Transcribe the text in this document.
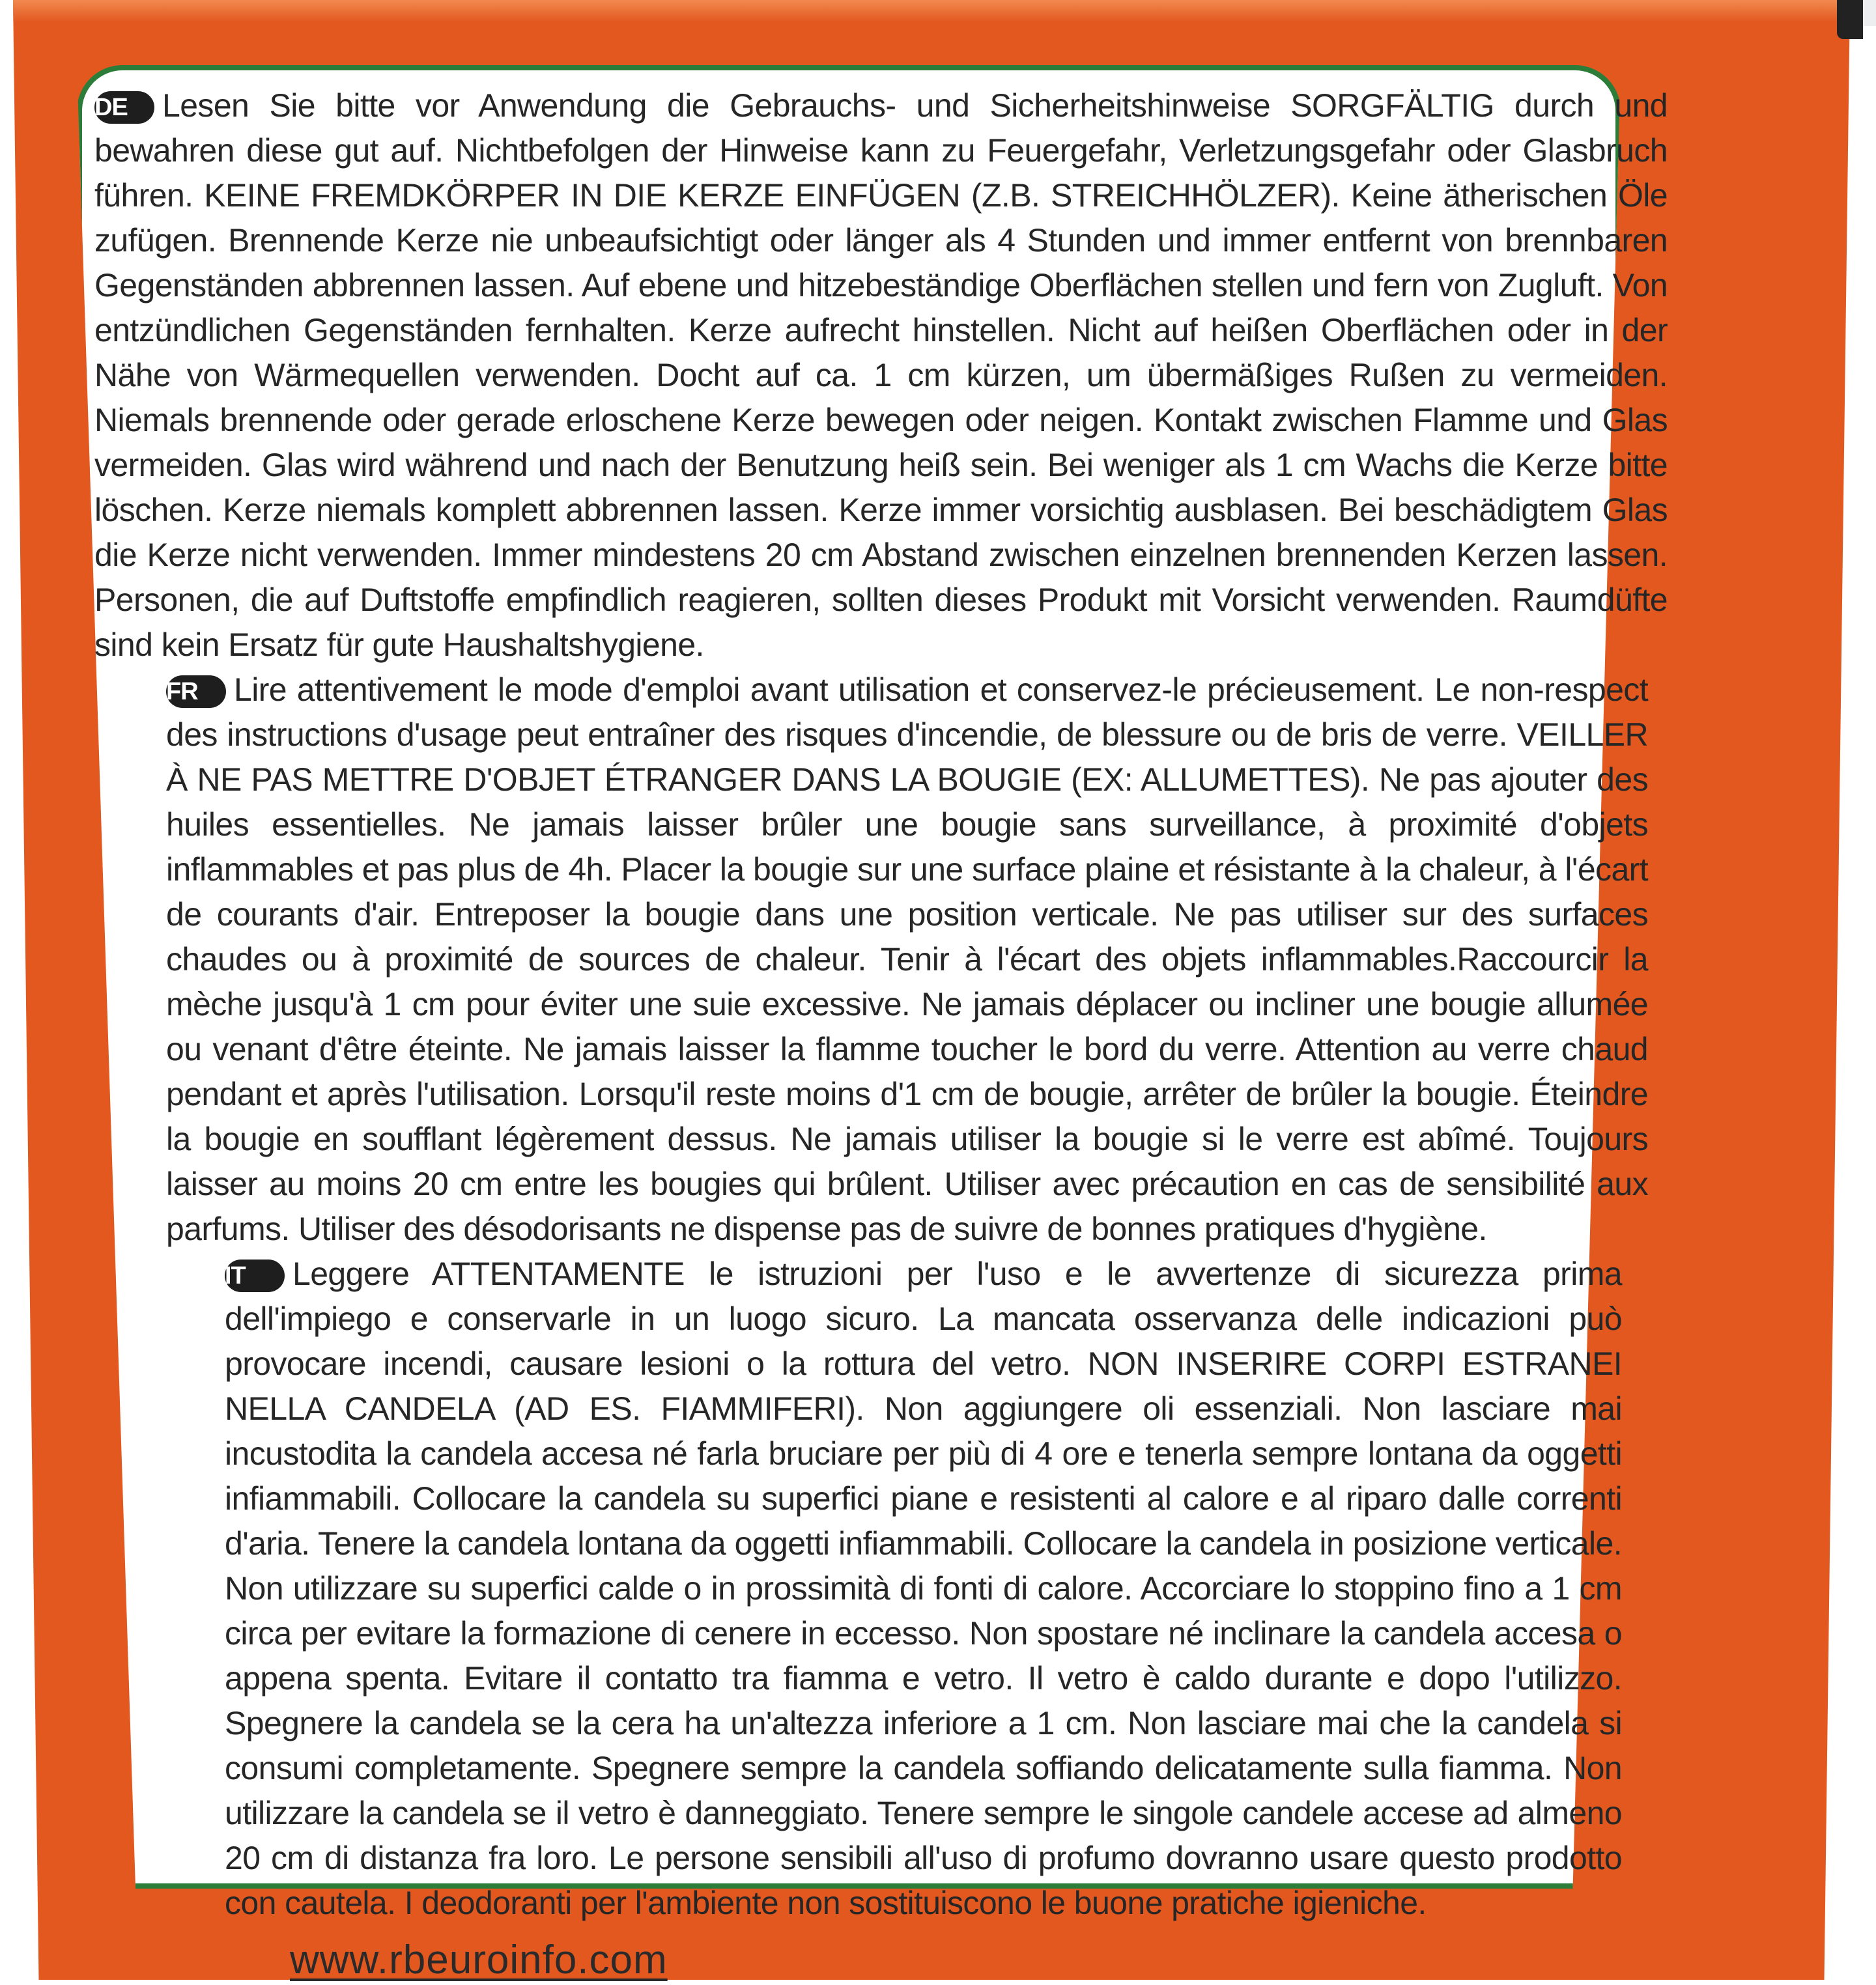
DE Lesen Sie bitte vor Anwendung die Gebrauchs- und Sicherheitshinweise SORGFÄLTIG durch und bewahren diese gut auf. Nichtbefolgen der Hinweise kann zu Feuergefahr, Verletzungsgefahr oder Glasbruch führen. KEINE FREMDKÖRPER IN DIE KERZE EINFÜGEN (Z.B. STREICHHÖLZER). Keine ätherischen Öle zufügen. Brennende Kerze nie unbeaufsichtigt oder länger als 4 Stunden und immer entfernt von brennbaren Gegenständen abbrennen lassen. Auf ebene und hitzebeständige Oberflächen stellen und fern von Zugluft. Von entzündlichen Gegenständen fernhalten. Kerze aufrecht hinstellen. Nicht auf heißen Oberflächen oder in der Nähe von Wärmequellen verwenden. Docht auf ca. 1 cm kürzen, um übermäßiges Rußen zu vermeiden. Niemals brennende oder gerade erloschene Kerze bewegen oder neigen. Kontakt zwischen Flamme und Glas vermeiden. Glas wird während und nach der Benutzung heiß sein. Bei weniger als 1 cm Wachs die Kerze bitte löschen. Kerze niemals komplett abbrennen lassen. Kerze immer vorsichtig ausblasen. Bei beschädigtem Glas die Kerze nicht verwenden. Immer mindestens 20 cm Abstand zwischen einzelnen brennenden Kerzen lassen. Personen, die auf Duftstoffe empfindlich reagieren, sollten dieses Produkt mit Vorsicht verwenden. Raumdüfte sind kein Ersatz für gute Haushaltshygiene.

FR Lire attentivement le mode d'emploi avant utilisation et conservez-le précieusement. Le non-respect des instructions d'usage peut entraîner des risques d'incendie, de blessure ou de bris de verre. VEILLER À NE PAS METTRE D'OBJET ÉTRANGER DANS LA BOUGIE (EX: ALLUMETTES). Ne pas ajouter des huiles essentielles. Ne jamais laisser brûler une bougie sans surveillance, à proximité d'objets inflammables et pas plus de 4h. Placer la bougie sur une surface plaine et résistante à la chaleur, à l'écart de courants d'air. Entreposer la bougie dans une position verticale. Ne pas utiliser sur des surfaces chaudes ou à proximité de sources de chaleur. Tenir à l'écart des objets inflammables.Raccourcir la mèche jusqu'à 1 cm pour éviter une suie excessive. Ne jamais déplacer ou incliner une bougie allumée ou venant d'être éteinte. Ne jamais laisser la flamme toucher le bord du verre. Attention au verre chaud pendant et après l'utilisation. Lorsqu'il reste moins d'1 cm de bougie, arrêter de brûler la bougie. Éteindre la bougie en soufflant légèrement dessus. Ne jamais utiliser la bougie si le verre est abîmé. Toujours laisser au moins 20 cm entre les bougies qui brûlent. Utiliser avec précaution en cas de sensibilité aux parfums. Utiliser des désodorisants ne dispense pas de suivre de bonnes pratiques d'hygiène.

IT Leggere ATTENTAMENTE le istruzioni per l'uso e le avvertenze di sicurezza prima dell'impiego e conservarle in un luogo sicuro. La mancata osservanza delle indicazioni può provocare incendi, causare lesioni o la rottura del vetro. NON INSERIRE CORPI ESTRANEI NELLA CANDELA (AD ES. FIAMMIFERI). Non aggiungere oli essenziali. Non lasciare mai incustodita la candela accesa né farla bruciare per più di 4 ore e tenerla sempre lontana da oggetti infiammabili. Collocare la candela su superfici piane e resistenti al calore e al riparo dalle correnti d'aria. Tenere la candela lontana da oggetti infiammabili. Collocare la candela in posizione verticale. Non utilizzare su superfici calde o in prossimità di fonti di calore. Accorciare lo stoppino fino a 1 cm circa per evitare la formazione di cenere in eccesso. Non spostare né inclinare la candela accesa o appena spenta. Evitare il contatto tra fiamma e vetro. Il vetro è caldo durante e dopo l'utilizzo. Spegnere la candela se la cera ha un'altezza inferiore a 1 cm. Non lasciare mai che la candela si consumi completamente. Spegnere sempre la candela soffiando delicatamente sulla fiamma. Non utilizzare la candela se il vetro è danneggiato. Tenere sempre le singole candele accese ad almeno 20 cm di distanza fra loro. Le persone sensibili all'uso di profumo dovranno usare questo prodotto con cautela. I deodoranti per l'ambiente non sostituiscono le buone pratiche igieniche.

www.rbeuroinfo.com
